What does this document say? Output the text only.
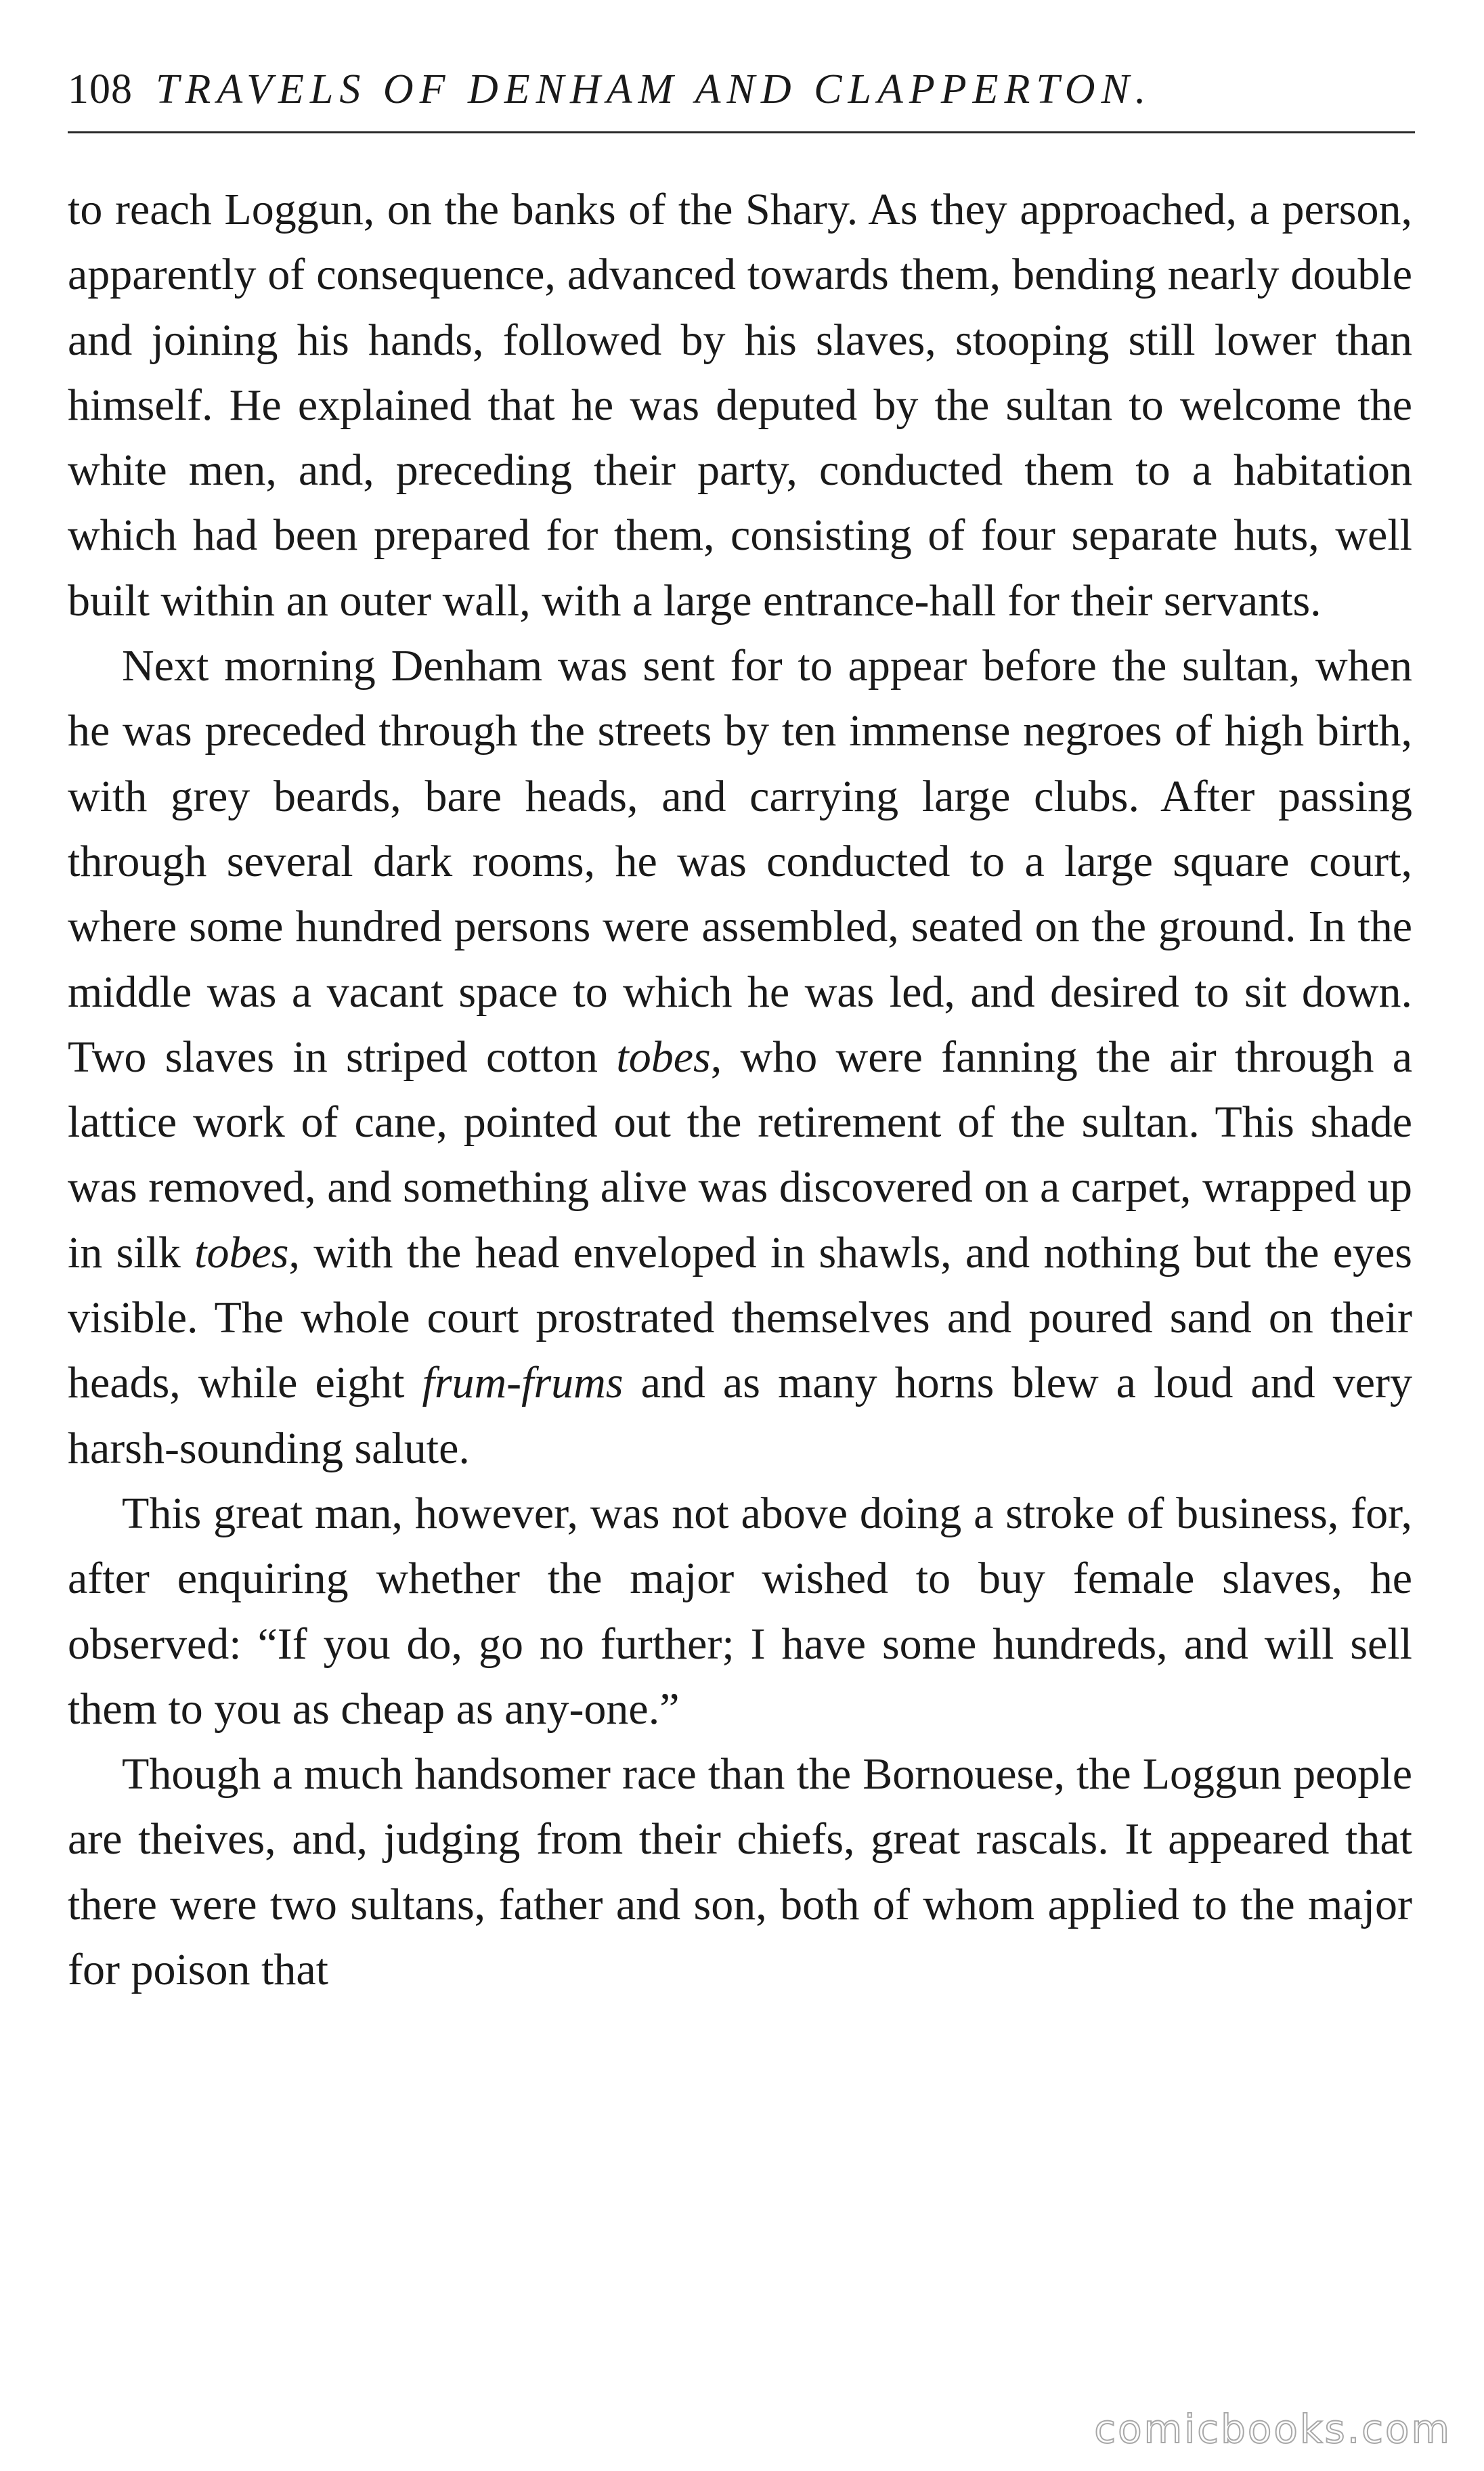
108 TRAVELS OF DENHAM AND CLAPPERTON.

to reach Loggun, on the banks of the Shary. As they approached, a person, apparently of consequence, advanced towards them, bending nearly double and joining his hands, followed by his slaves, stooping still lower than himself. He explained that he was deputed by the sultan to welcome the white men, and, preceding their party, conducted them to a habitation which had been prepared for them, consisting of four separate huts, well built within an outer wall, with a large entrance-hall for their servants.

Next morning Denham was sent for to appear before the sultan, when he was preceded through the streets by ten immense negroes of high birth, with grey beards, bare heads, and carrying large clubs. After passing through several dark rooms, he was conducted to a large square court, where some hundred persons were assembled, seated on the ground. In the middle was a vacant space to which he was led, and desired to sit down. Two slaves in striped cotton tobes, who were fanning the air through a lattice work of cane, pointed out the retirement of the sultan. This shade was removed, and something alive was discovered on a carpet, wrapped up in silk tobes, with the head enveloped in shawls, and nothing but the eyes visible. The whole court prostrated themselves and poured sand on their heads, while eight frum-frums and as many horns blew a loud and very harsh-sounding salute.

This great man, however, was not above doing a stroke of business, for, after enquiring whether the major wished to buy female slaves, he observed: “If you do, go no further; I have some hundreds, and will sell them to you as cheap as any-one.”

Though a much handsomer race than the Bornouese, the Loggun people are theives, and, judging from their chiefs, great rascals. It appeared that there were two sultans, father and son, both of whom applied to the major for poison that

comicbooks.com
